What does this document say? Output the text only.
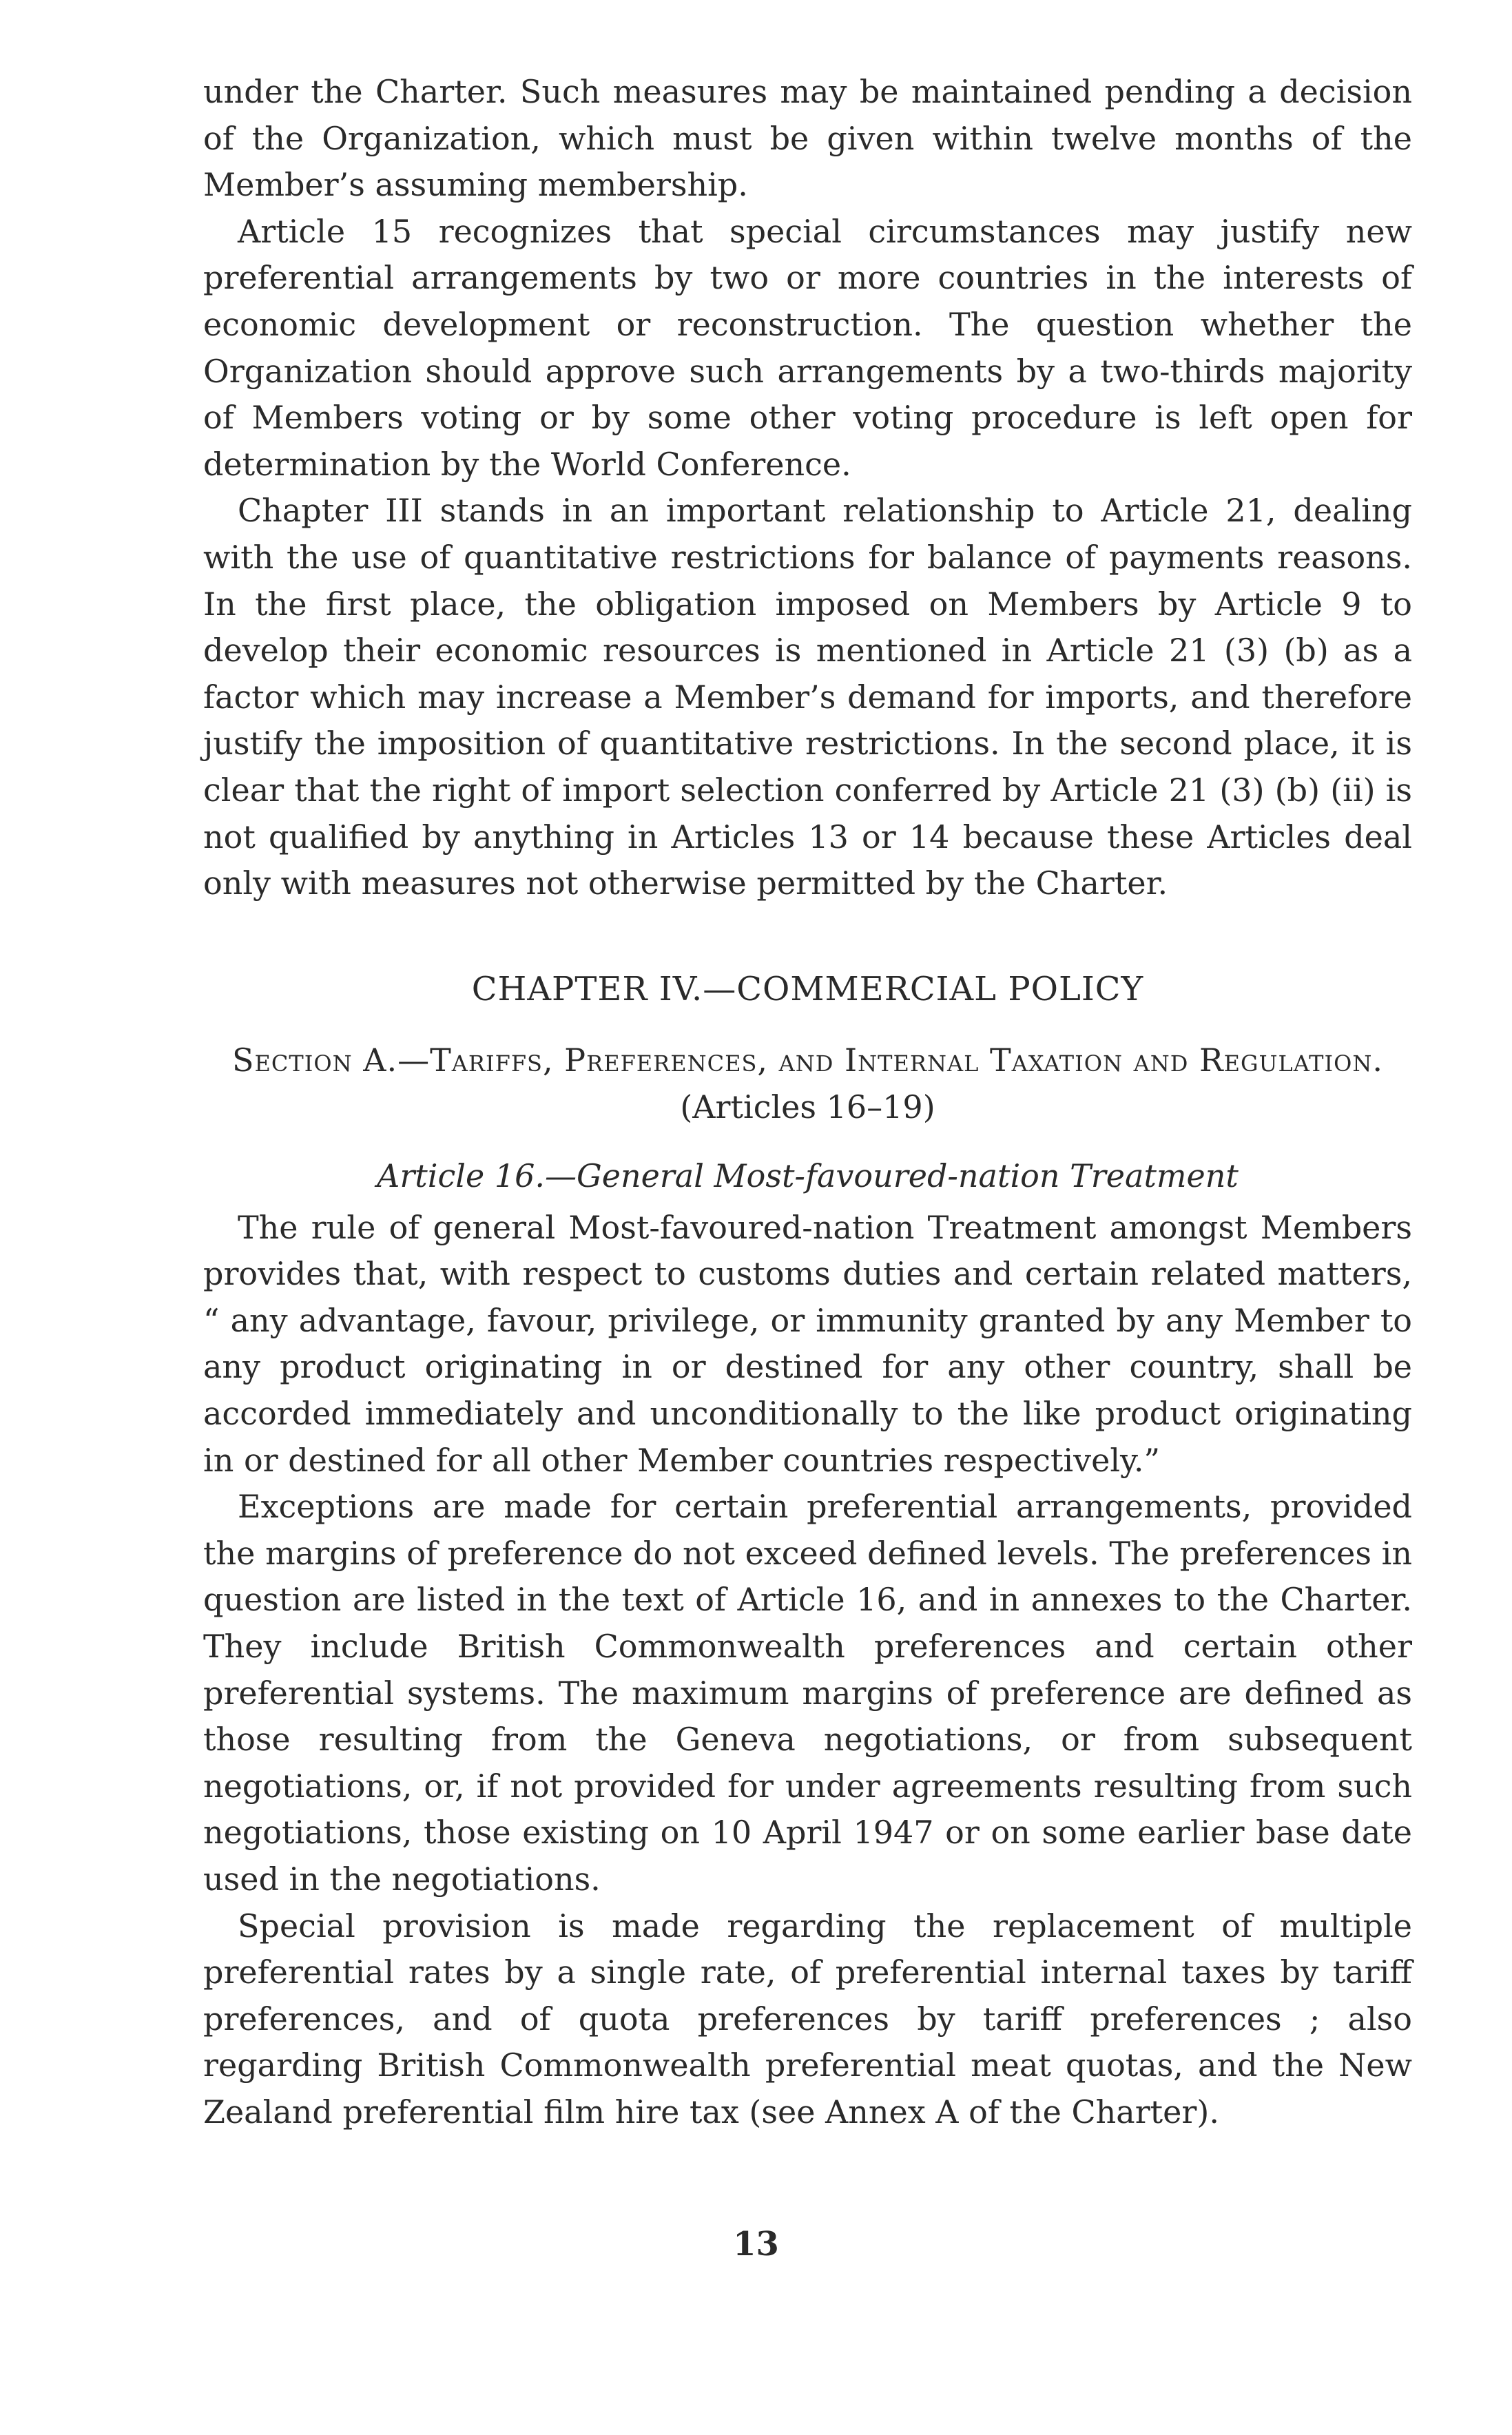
under the Charter. Such measures may be maintained pending a decision of the Organization, which must be given within twelve months of the Member’s assuming membership.

Article 15 recognizes that special circumstances may justify new preferential arrangements by two or more countries in the interests of economic development or reconstruction. The question whether the Organization should approve such arrangements by a two-thirds majority of Members voting or by some other voting procedure is left open for determination by the World Conference.

Chapter III stands in an important relationship to Article 21, dealing with the use of quantitative restrictions for balance of payments reasons. In the first place, the obligation imposed on Members by Article 9 to develop their economic resources is mentioned in Article 21 (3) (b) as a factor which may increase a Member’s demand for imports, and therefore justify the imposition of quantitative restrictions. In the second place, it is clear that the right of import selection conferred by Article 21 (3) (b) (ii) is not qualified by anything in Articles 13 or 14 because these Articles deal only with measures not otherwise permitted by the Charter.

CHAPTER IV.—COMMERCIAL POLICY
Section A.—Tariffs, Preferences, and Internal Taxation and Regulation. (Articles 16–19)
Article 16.—General Most-favoured-nation Treatment

The rule of general Most-favoured-nation Treatment amongst Members provides that, with respect to customs duties and certain related matters, “ any advantage, favour, privilege, or immunity granted by any Member to any product originating in or destined for any other country, shall be accorded immediately and unconditionally to the like product originating in or destined for all other Member countries respectively.”

Exceptions are made for certain preferential arrangements, provided the margins of preference do not exceed defined levels. The preferences in question are listed in the text of Article 16, and in annexes to the Charter. They include British Commonwealth preferences and certain other preferential systems. The maximum margins of preference are defined as those resulting from the Geneva negotiations, or from subsequent negotiations, or, if not provided for under agreements resulting from such negotiations, those existing on 10 April 1947 or on some earlier base date used in the negotiations.

Special provision is made regarding the replacement of multiple preferential rates by a single rate, of preferential internal taxes by tariff preferences, and of quota preferences by tariff preferences ; also regarding British Commonwealth preferential meat quotas, and the New Zealand preferential film hire tax (see Annex A of the Charter).

13
